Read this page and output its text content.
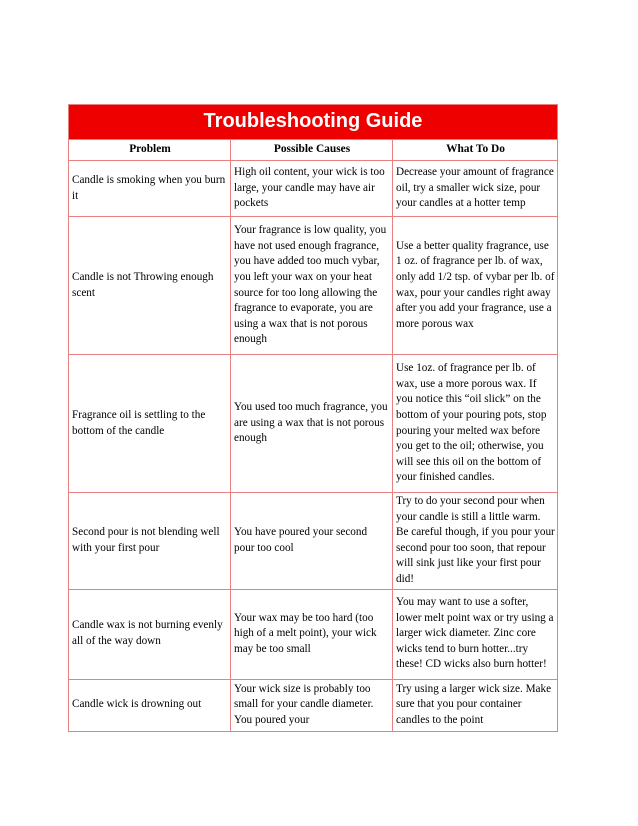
Troubleshooting Guide		
Problem	Possible Causes	What To Do
Candle is smoking when you burn it	High oil content, your wick is too large, your candle may have air pockets	Decrease your amount of fragrance oil, try a smaller wick size, pour your candles at a hotter temp
Candle is not Throwing enough scent	Your fragrance is low quality, you have not used enough fragrance, you have added too much vybar, you left your wax on your heat source for too long allowing the fragrance to evaporate, you are using a wax that is not porous enough	Use a better quality fragrance, use 1 oz. of fragrance per lb. of wax, only add 1/2 tsp. of vybar per lb. of wax, pour your candles right away after you add your fragrance, use a more porous wax
Fragrance oil is settling to the bottom of the candle	You used too much fragrance, you are using a wax that is not porous enough	Use 1oz. of fragrance per lb. of wax, use a more porous wax. If you notice this “oil slick” on the bottom of your pouring pots, stop pouring your melted wax before you get to the oil; otherwise, you will see this oil on the bottom of your finished candles.
Second pour is not blending well with your first pour	You have poured your second pour too cool	Try to do your second pour when your candle is still a little warm. Be careful though, if you pour your second pour too soon, that repour will sink just like your first pour did!
Candle wax is not burning evenly all of the way down	Your wax may be too hard (too high of a melt point), your wick may be too small	You may want to use a softer, lower melt point wax or try using a larger wick diameter. Zinc core wicks tend to burn hotter...try these! CD wicks also burn hotter!
Candle wick is drowning out	Your wick size is probably too small for your candle diameter. You poured your	Try using a larger wick size. Make sure that you pour container candles to the point
